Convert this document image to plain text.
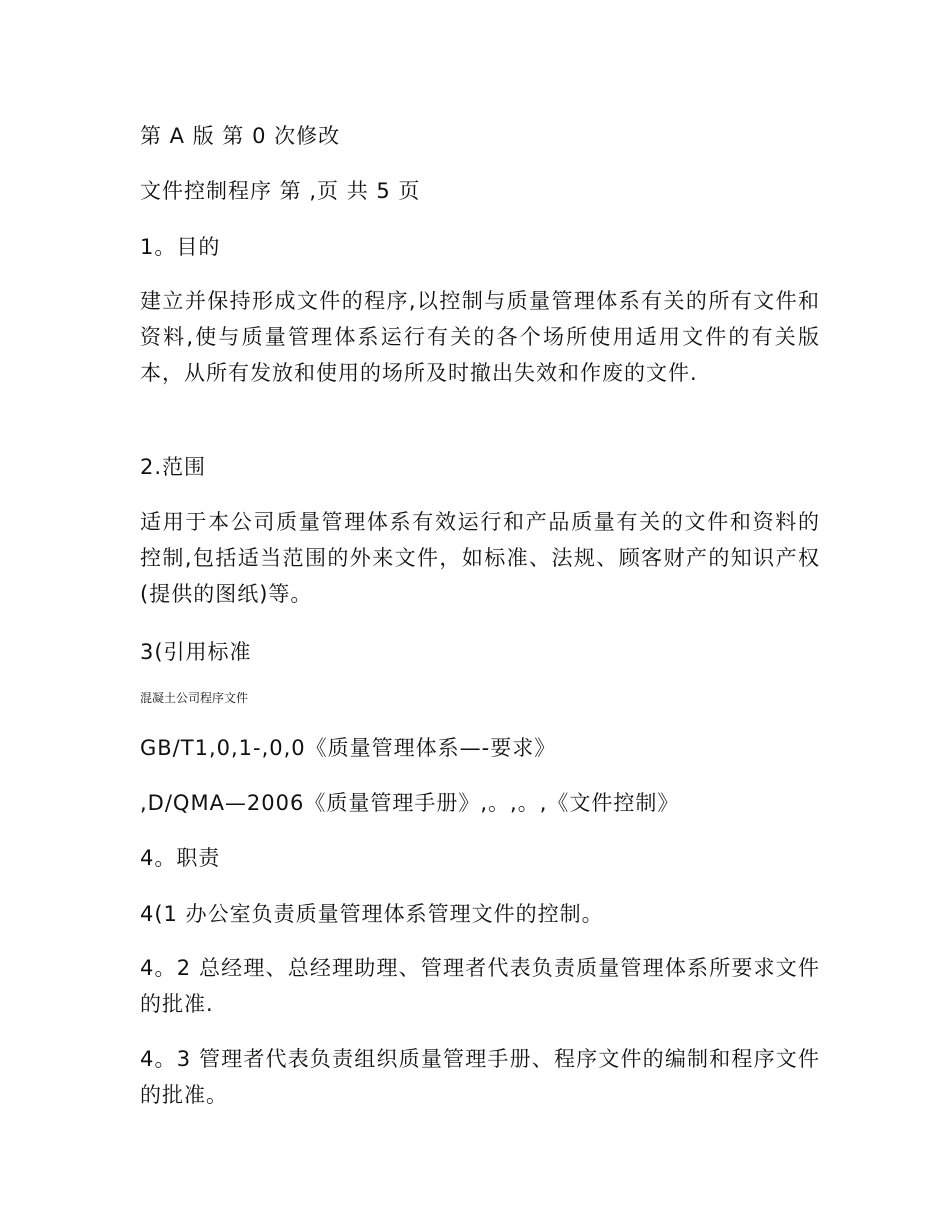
第 A 版 第 0 次修改
文件控制程序 第 ,页 共 5 页
1。目的
建立并保持形成文件的程序,以控制与质量管理体系有关的所有文件和资料,使与质量管理体系运行有关的各个场所使用适用文件的有关版本，从所有发放和使用的场所及时撤出失效和作废的文件.
2.范围
适用于本公司质量管理体系有效运行和产品质量有关的文件和资料的控制,包括适当范围的外来文件，如标准、法规、顾客财产的知识产权(提供的图纸)等。
3(引用标准
混凝土公司程序文件
GB/T1,0,1-,0,0《质量管理体系—-要求》
,D/QMA—2006《质量管理手册》,。,。,《文件控制》
4。职责
4(1 办公室负责质量管理体系管理文件的控制。
4。2 总经理、总经理助理、管理者代表负责质量管理体系所要求文件的批准.
4。3 管理者代表负责组织质量管理手册、程序文件的编制和程序文件的批准。
